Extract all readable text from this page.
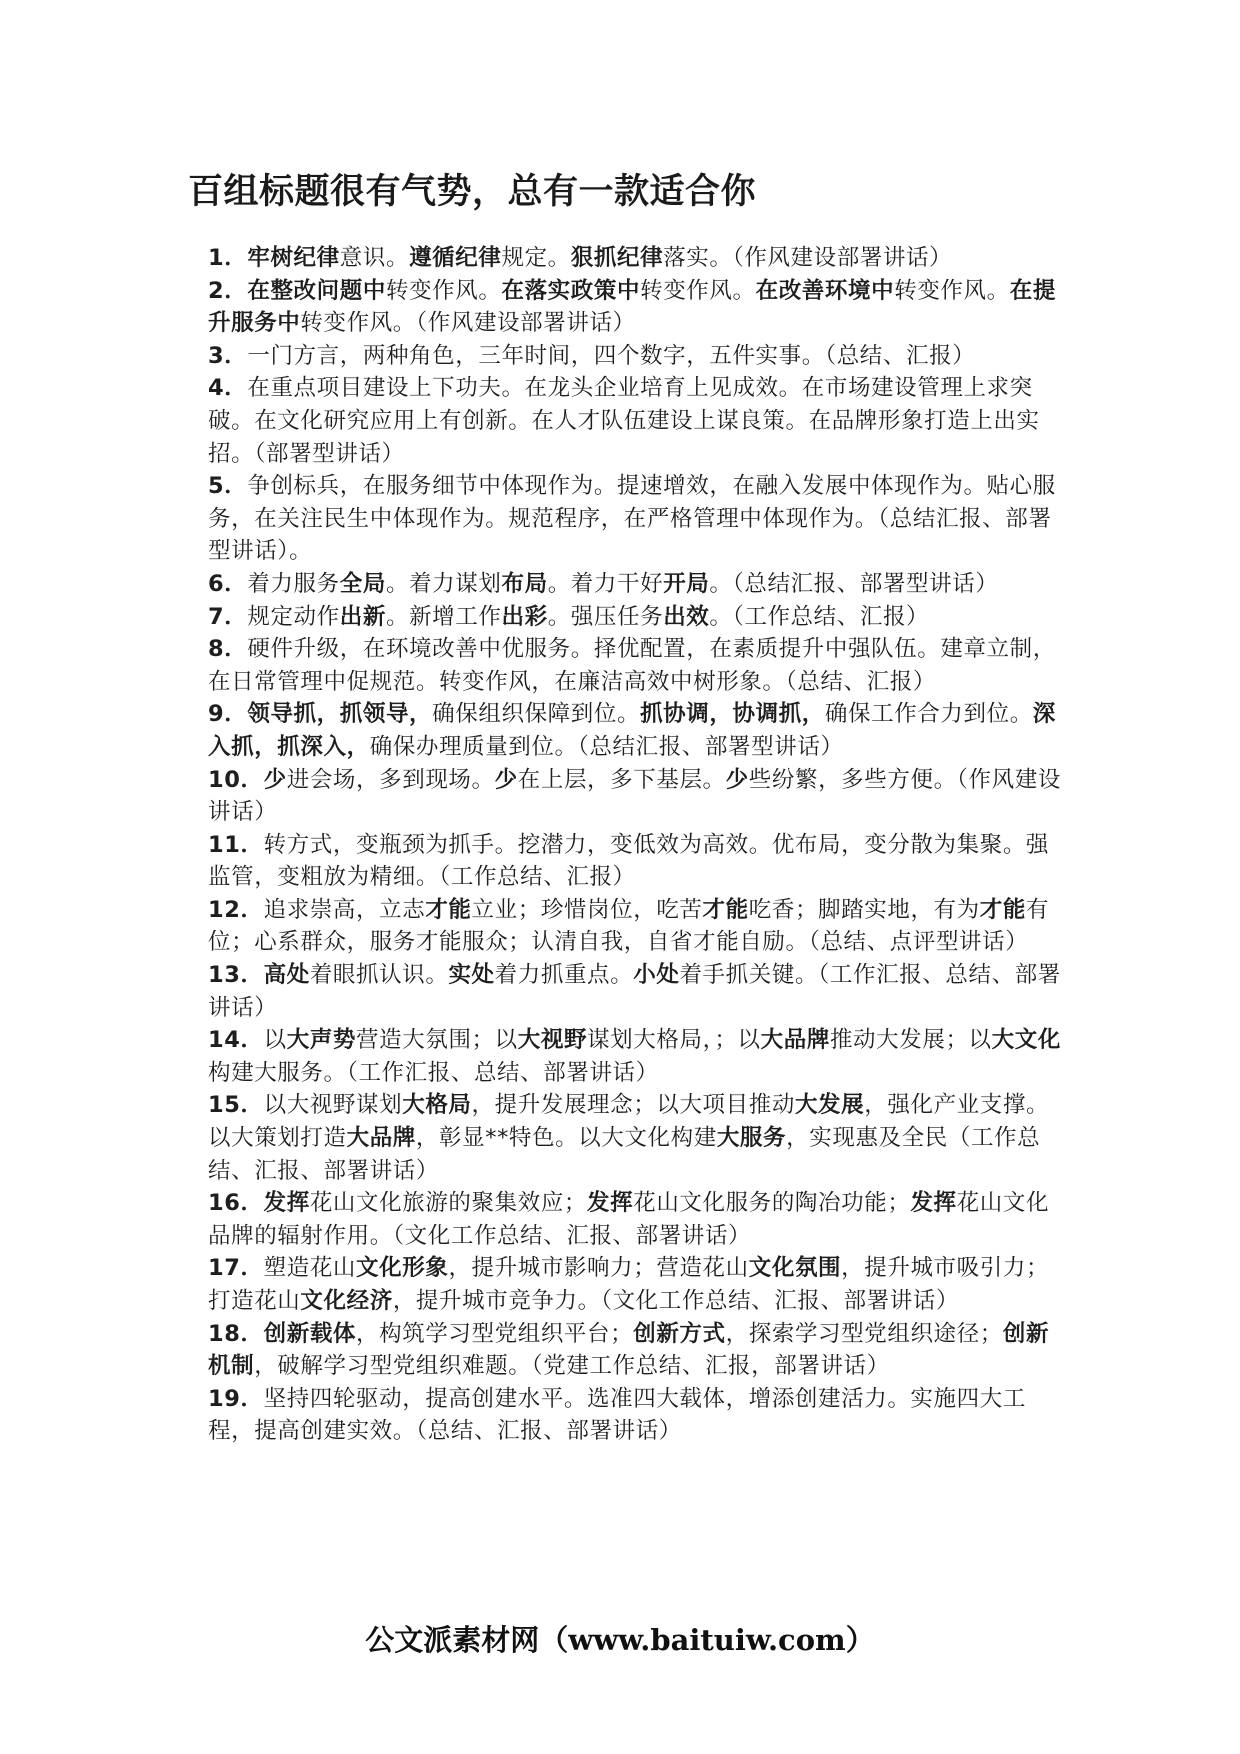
百组标题很有气势，总有一款适合你
1．牢树纪律意识。遵循纪律规定。狠抓纪律落实。（作风建设部署讲话）
2．在整改问题中转变作风。在落实政策中转变作风。在改善环境中转变作风。在提升服务中转变作风。（作风建设部署讲话）
3．一门方言，两种角色，三年时间，四个数字，五件实事。（总结、汇报）
4．在重点项目建设上下功夫。在龙头企业培育上见成效。在市场建设管理上求突破。在文化研究应用上有创新。在人才队伍建设上谋良策。在品牌形象打造上出实招。（部署型讲话）
5．争创标兵，在服务细节中体现作为。提速增效，在融入发展中体现作为。贴心服务，在关注民生中体现作为。规范程序，在严格管理中体现作为。（总结汇报、部署型讲话）。
6．着力服务全局。着力谋划布局。着力干好开局。（总结汇报、部署型讲话）
7．规定动作出新。新增工作出彩。强压任务出效。（工作总结、汇报）
8．硬件升级，在环境改善中优服务。择优配置，在素质提升中强队伍。建章立制，在日常管理中促规范。转变作风，在廉洁高效中树形象。（总结、汇报）
9．领导抓，抓领导，确保组织保障到位。抓协调，协调抓，确保工作合力到位。深入抓，抓深入，确保办理质量到位。（总结汇报、部署型讲话）
10．少进会场，多到现场。少在上层，多下基层。少些纷繁，多些方便。（作风建设讲话）
11．转方式，变瓶颈为抓手。挖潜力，变低效为高效。优布局，变分散为集聚。强监管，变粗放为精细。（工作总结、汇报）
12．追求崇高，立志才能立业；珍惜岗位，吃苦才能吃香；脚踏实地，有为才能有位；心系群众，服务才能服众；认清自我，自省才能自励。（总结、点评型讲话）
13．高处着眼抓认识。实处着力抓重点。小处着手抓关键。（工作汇报、总结、部署讲话）
14．以大声势营造大氛围；以大视野谋划大格局，；以大品牌推动大发展；以大文化构建大服务。（工作汇报、总结、部署讲话）
15．以大视野谋划大格局，提升发展理念；以大项目推动大发展，强化产业支撑。以大策划打造大品牌，彰显**特色。以大文化构建大服务，实现惠及全民（工作总结、汇报、部署讲话）
16．发挥花山文化旅游的聚集效应；发挥花山文化服务的陶冶功能；发挥花山文化品牌的辐射作用。（文化工作总结、汇报、部署讲话）
17．塑造花山文化形象，提升城市影响力；营造花山文化氛围，提升城市吸引力；打造花山文化经济，提升城市竞争力。（文化工作总结、汇报、部署讲话）
18．创新载体，构筑学习型党组织平台；创新方式，探索学习型党组织途径；创新机制，破解学习型党组织难题。（党建工作总结、汇报，部署讲话）
19．坚持四轮驱动，提高创建水平。选准四大载体，增添创建活力。实施四大工程，提高创建实效。（总结、汇报、部署讲话）
公文派素材网（www.baituiw.com）
